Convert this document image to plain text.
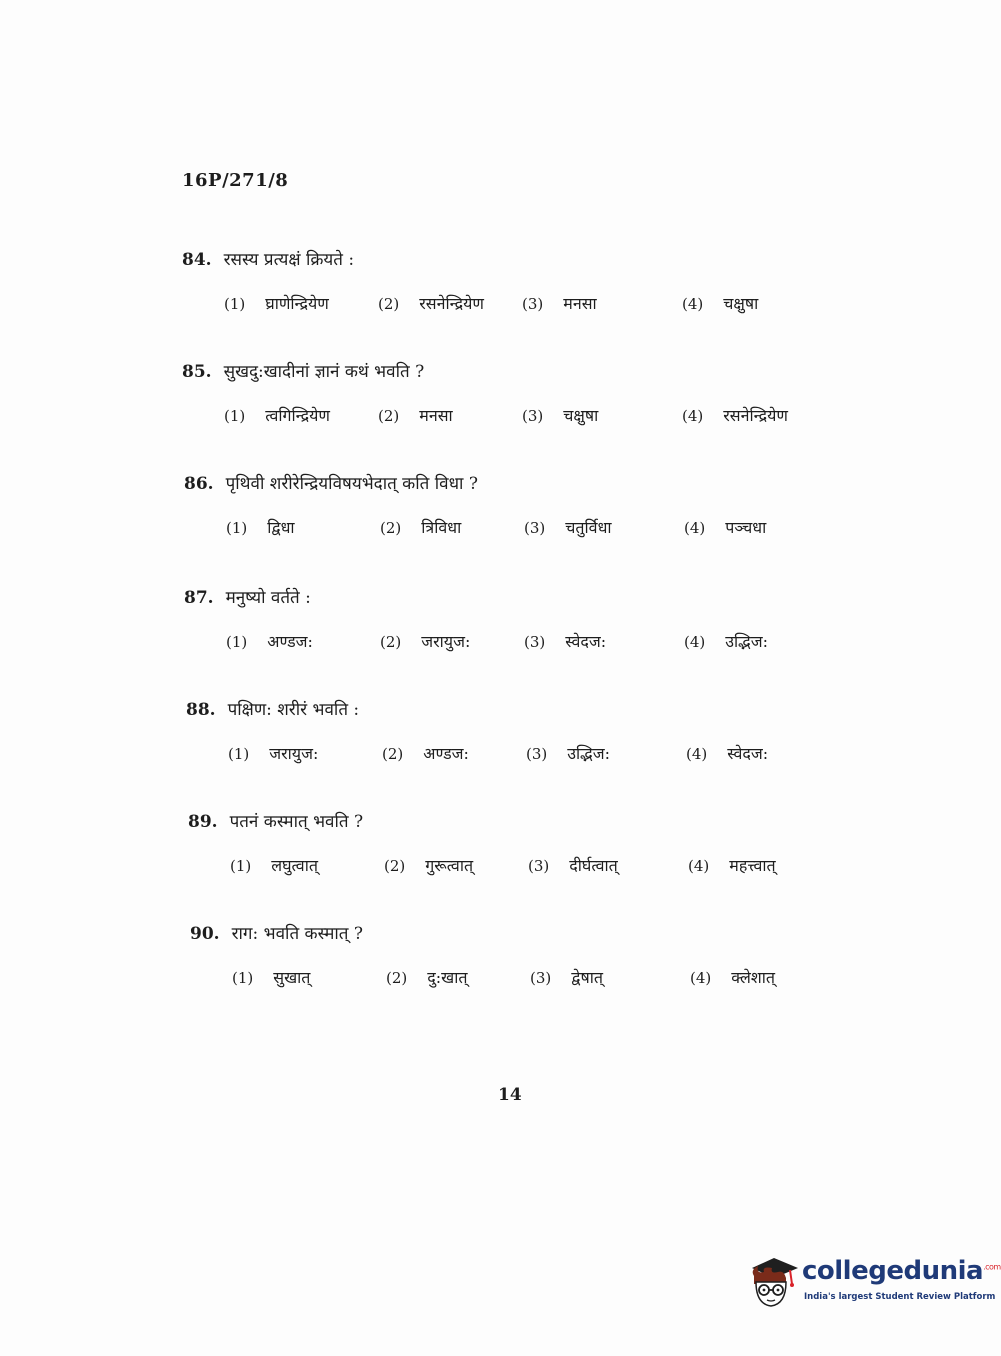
16P/271/8
84. रसस्य प्रत्यक्षं क्रियते :
(1) घ्राणेन्द्रियेण	(2) रसनेन्द्रियेण	(3) मनसा	(4) चक्षुषा
85. सुखदु:खादीनां ज्ञानं कथं भवति ?
(1) त्वगिन्द्रियेण	(2) मनसा	(3) चक्षुषा	(4) रसनेन्द्रियेण
86. पृथिवी शरीरेन्द्रियविषयभेदात् कति विधा ?
(1) द्विधा	(2) त्रिविधा	(3) चतुर्विधा	(4) पञ्चधा
87. मनुष्यो वर्तते :
(1) अण्डज:	(2) जरायुज:	(3) स्वेदज:	(4) उद्भिज:
88. पक्षिण: शरीरं भवति :
(1) जरायुज:	(2) अण्डज:	(3) उद्भिज:	(4) स्वेदज:
89. पतनं कस्मात् भवति ?
(1) लघुत्वात्	(2) गुरूत्वात्	(3) दीर्घत्वात्	(4) महत्त्वात्
90. राग: भवति कस्मात् ?
(1) सुखात्	(2) दु:खात्	(3) द्वेषात्	(4) क्लेशात्
14
collegedunia$^{.com}$
India's largest Student Review Platform
